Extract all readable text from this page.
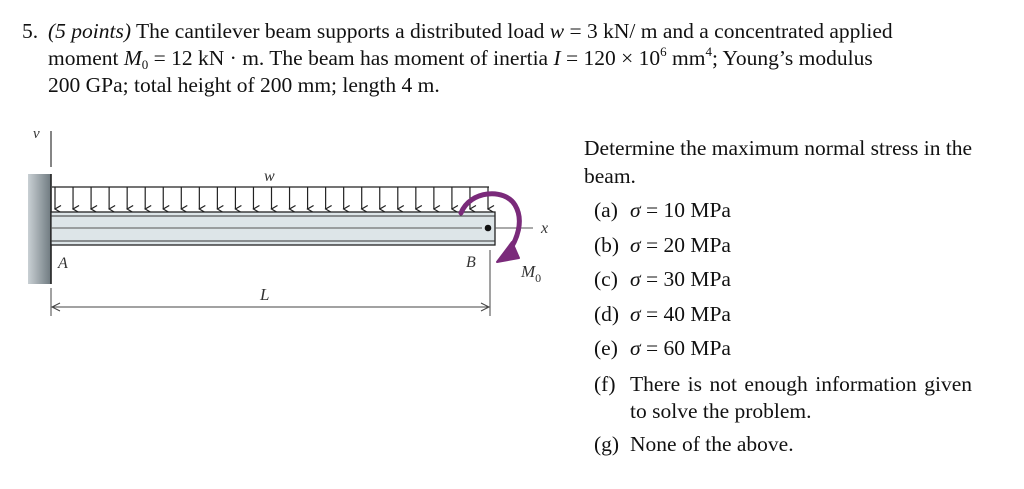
5. (5 points) The cantilever beam supports a distributed load w = 3 kN/ m and a concentrated applied
moment $M_0 = 12$ kN · m. The beam has moment of inertia $I = 120 \times 10^6$ $mm^4$; Young’s modulus
200 GPa; total height of 200 mm; length 4 m.
v
w
x
$M_0$
A	B
L
Determine the maximum normal stress in the beam.
(a) σ = 10 MPa
(b) σ = 20 MPa
(c) σ = 30 MPa
(d) σ = 40 MPa
(e) σ = 60 MPa
(f) There is not enough information given to solve the problem.
(g) None of the above.
